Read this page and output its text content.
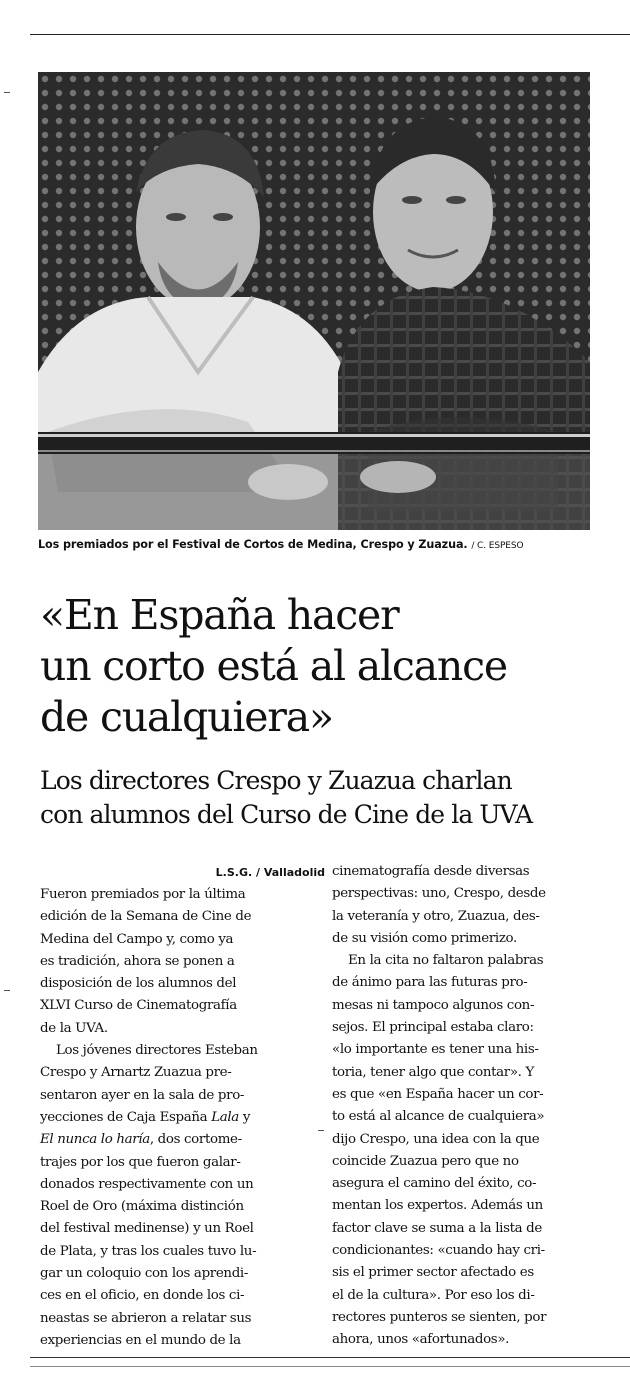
Los premiados por el Festival de Cortos de Medina, Crespo y Zuazua. / C. ESPESO
«En España hacer
un corto está al alcance
de cualquiera»
Los directores Crespo y Zuazua charlan
con alumnos del Curso de Cine de la UVA
L.S.G. / Valladolid
Fueron premiados por la última
edición de la Semana de Cine de
Medina del Campo y, como ya
es tradición, ahora se ponen a
disposición de los alumnos del
XLVI Curso de Cinematografía
de la UVA.
Los jóvenes directores Esteban
Crespo y Arnartz Zuazua pre-
sentaron ayer en la sala de pro-
yecciones de Caja España Lala y
El nunca lo haría, dos cortome-
trajes por los que fueron galar-
donados respectivamente con un
Roel de Oro (máxima distinción
del festival medinense) y un Roel
de Plata, y tras los cuales tuvo lu-
gar un coloquio con los aprendi-
ces en el oficio, en donde los ci-
neastas se abrieron a relatar sus
experiencias en el mundo de la
cinematografía desde diversas
perspectivas: uno, Crespo, desde
la veteranía y otro, Zuazua, des-
de su visión como primerizo.
En la cita no faltaron palabras
de ánimo para las futuras pro-
mesas ni tampoco algunos con-
sejos. El principal estaba claro:
«lo importante es tener una his-
toria, tener algo que contar». Y
es que «en España hacer un cor-
to está al alcance de cualquiera»
dijo Crespo, una idea con la que
coincide Zuazua pero que no
asegura el camino del éxito, co-
mentan los expertos. Además un
factor clave se suma a la lista de
condicionantes: «cuando hay cri-
sis el primer sector afectado es
el de la cultura». Por eso los di-
rectores punteros se sienten, por
ahora, unos «afortunados».
